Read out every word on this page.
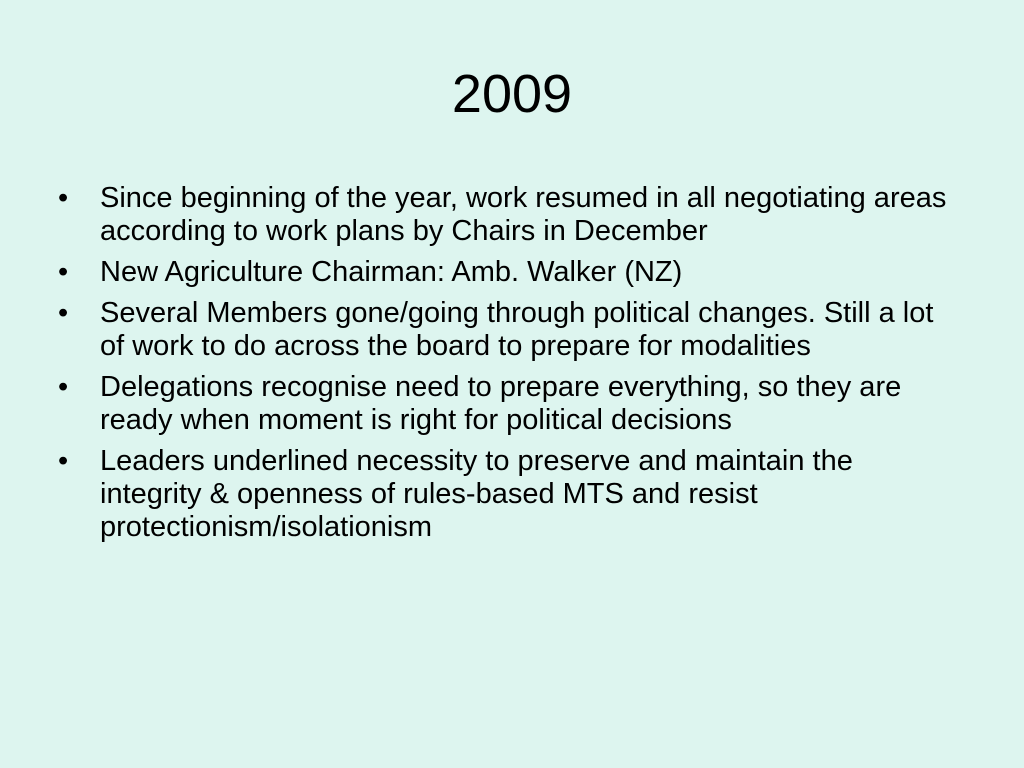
2009
•	Since beginning of the year, work resumed in all negotiating areas according to work plans by Chairs in December
•	New Agriculture Chairman: Amb. Walker (NZ)
•	Several Members gone/going through political changes. Still a lot of work to do across the board to prepare for modalities
•	Delegations recognise need to prepare everything, so they are ready when moment is right for political decisions
•	Leaders underlined necessity to preserve and maintain the integrity & openness of rules-based MTS and resist protectionism/isolationism
